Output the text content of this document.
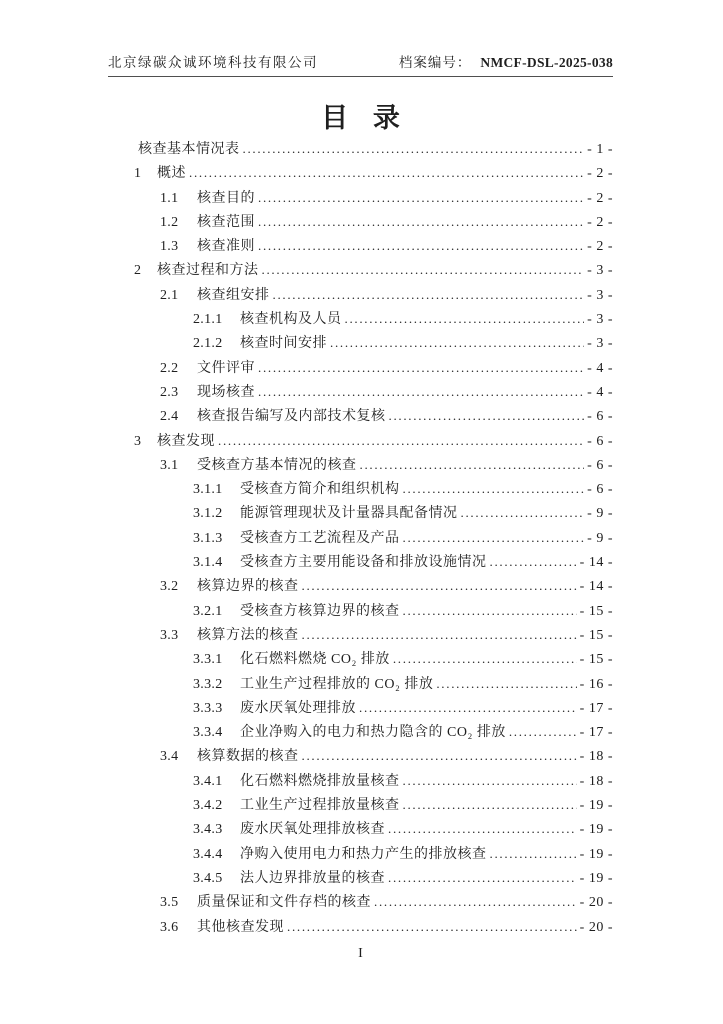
北京绿碳众诚环境科技有限公司	档案编号： NMCF-DSL-2025-038
目 录
核查基本情况表 .....	- 1 -
1	概述 .....	- 2 -
1.1	核查目的 .....	- 2 -
1.2	核查范围 .....	- 2 -
1.3	核查准则 .....	- 2 -
2	核查过程和方法 .....	- 3 -
2.1	核查组安排 .....	- 3 -
2.1.1	核查机构及人员 .....	- 3 -
2.1.2	核查时间安排 .....	- 3 -
2.2	文件评审 .....	- 4 -
2.3	现场核查 .....	- 4 -
2.4	核查报告编写及内部技术复核 .....	- 6 -
3	核查发现 .....	- 6 -
3.1	受核查方基本情况的核查 .....	- 6 -
3.1.1	受核查方简介和组织机构 .....	- 6 -
3.1.2	能源管理现状及计量器具配备情况 .....	- 9 -
3.1.3	受核查方工艺流程及产品 .....	- 9 -
3.1.4	受核查方主要用能设备和排放设施情况 .....	- 14 -
3.2	核算边界的核查 .....	- 14 -
3.2.1	受核查方核算边界的核查 .....	- 15 -
3.3	核算方法的核查 .....	- 15 -
3.3.1	化石燃料燃烧 CO₂ 排放 .....	- 15 -
3.3.2	工业生产过程排放的 CO₂ 排放 .....	- 16 -
3.3.3	废水厌氧处理排放 .....	- 17 -
3.3.4	企业净购入的电力和热力隐含的 CO₂ 排放 .....	- 17 -
3.4	核算数据的核查 .....	- 18 -
3.4.1	化石燃料燃烧排放量核查 .....	- 18 -
3.4.2	工业生产过程排放量核查 .....	- 19 -
3.4.3	废水厌氧处理排放核查 .....	- 19 -
3.4.4	净购入使用电力和热力产生的排放核查 .....	- 19 -
3.4.5	法人边界排放量的核查 .....	- 19 -
3.5	质量保证和文件存档的核查 .....	- 20 -
3.6	其他核查发现 .....	- 20 -
I
